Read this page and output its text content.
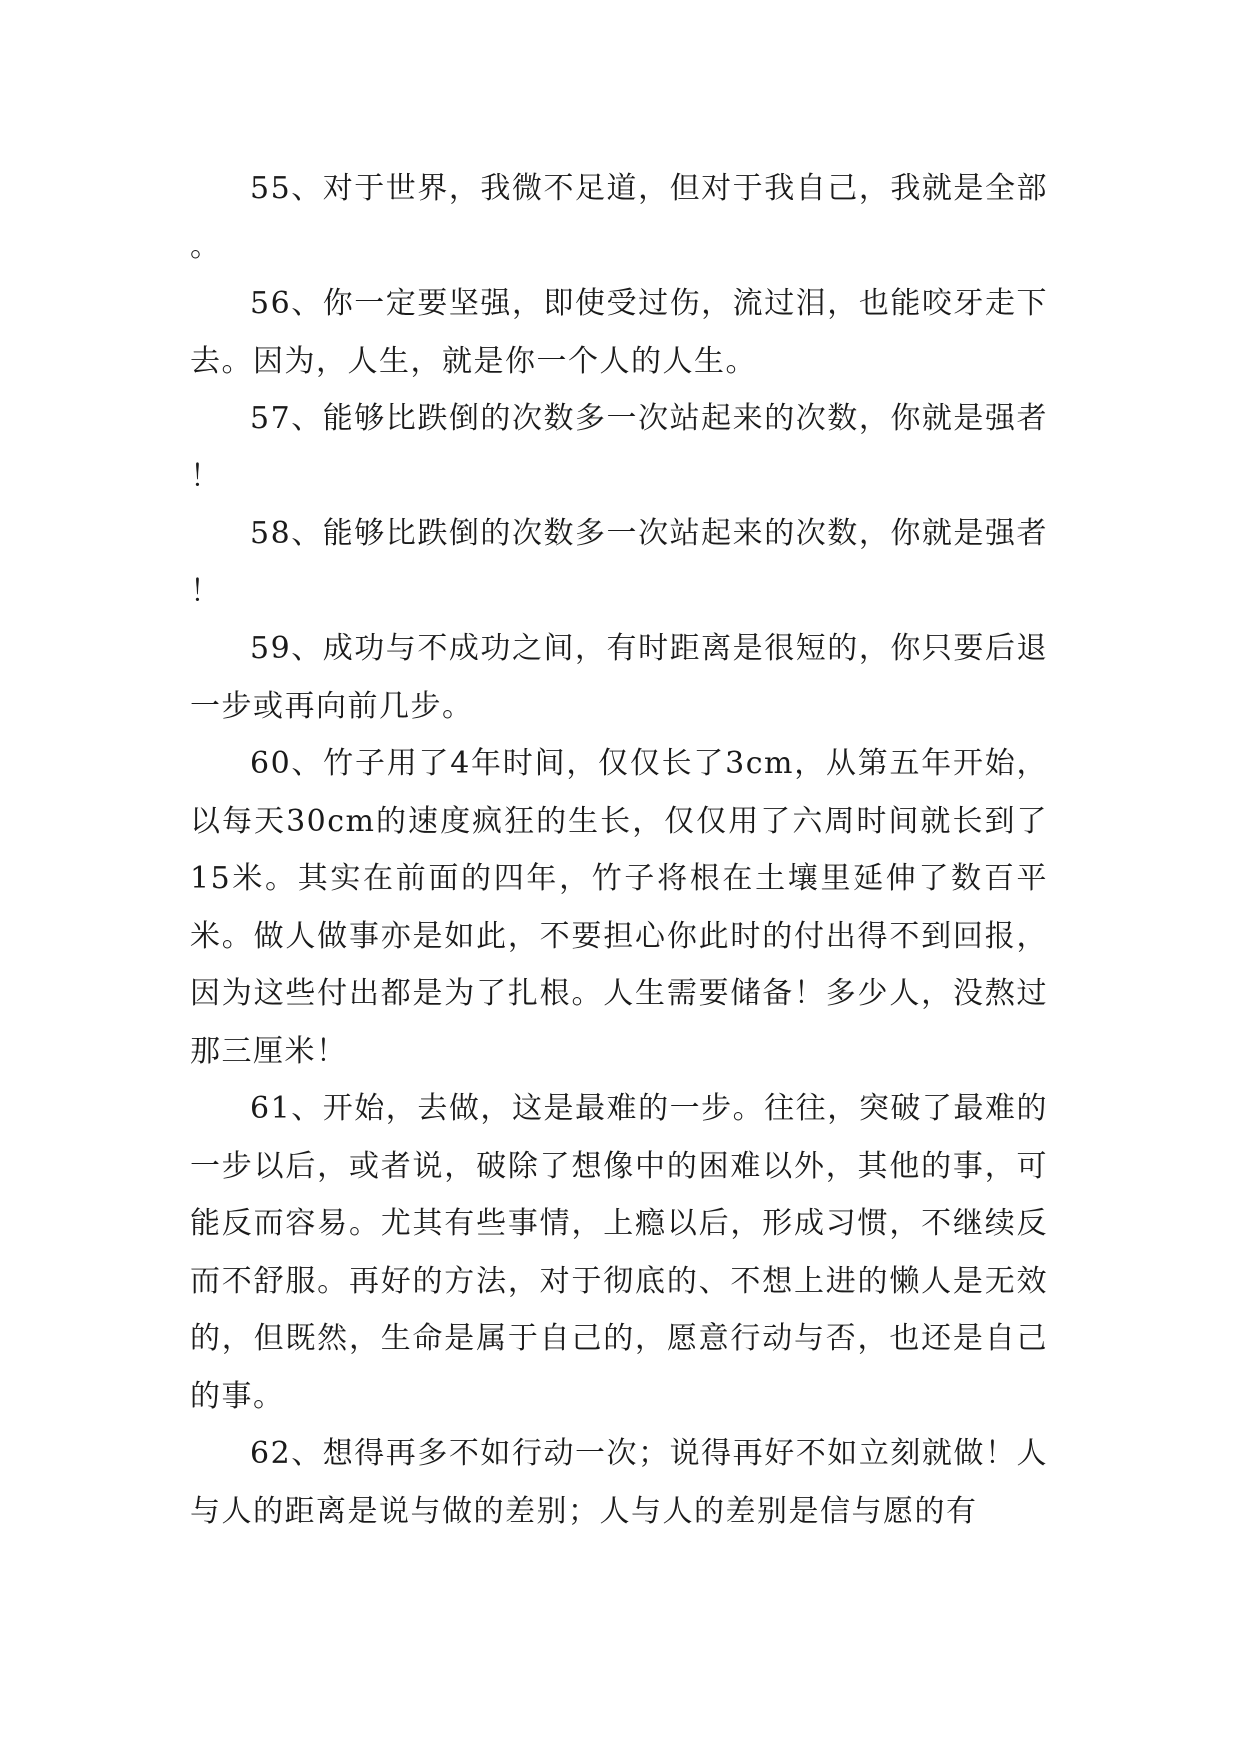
55、对于世界，我微不足道，但对于我自己，我就是全部。

56、你一定要坚强，即使受过伤，流过泪，也能咬牙走下去。因为，人生，就是你一个人的人生。

57、能够比跌倒的次数多一次站起来的次数，你就是强者！

58、能够比跌倒的次数多一次站起来的次数，你就是强者！

59、成功与不成功之间，有时距离是很短的，你只要后退一步或再向前几步。

60、竹子用了4年时间，仅仅长了3cm，从第五年开始，以每天30cm的速度疯狂的生长，仅仅用了六周时间就长到了15米。其实在前面的四年，竹子将根在土壤里延伸了数百平米。做人做事亦是如此，不要担心你此时的付出得不到回报，因为这些付出都是为了扎根。人生需要储备！多少人，没熬过那三厘米！

61、开始，去做，这是最难的一步。往往，突破了最难的一步以后，或者说，破除了想像中的困难以外，其他的事，可能反而容易。尤其有些事情，上瘾以后，形成习惯，不继续反而不舒服。再好的方法，对于彻底的、不想上进的懒人是无效的，但既然，生命是属于自己的，愿意行动与否，也还是自己的事。

62、想得再多不如行动一次；说得再好不如立刻就做！人与人的距离是说与做的差别；人与人的差别是信与愿的有
